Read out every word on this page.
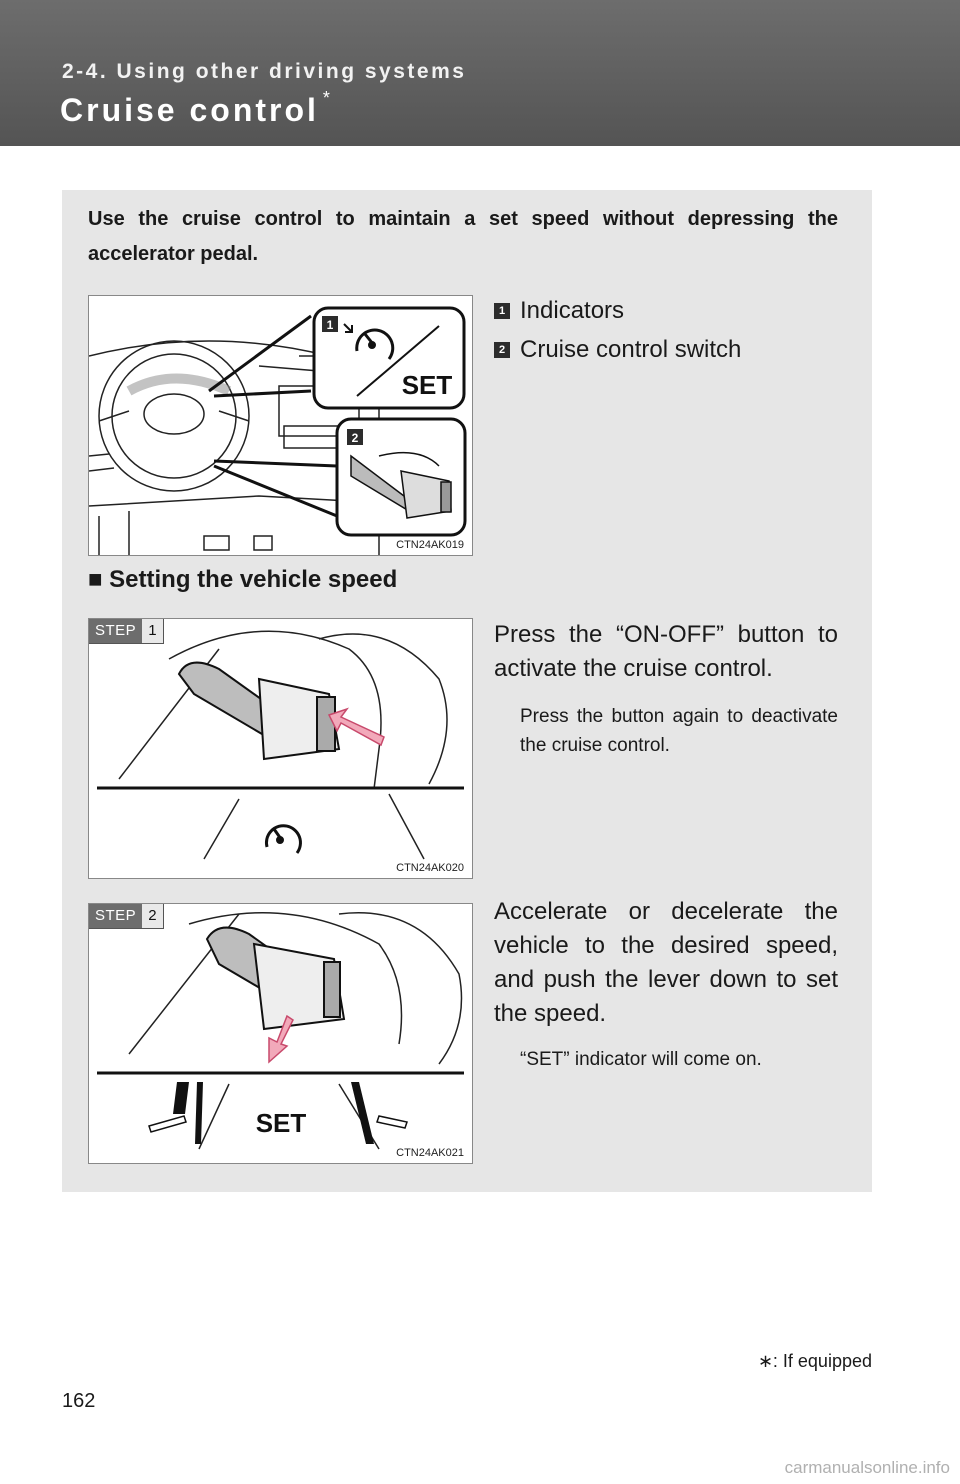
2-4. Using other driving systems
Cruise control *
Use the cruise control to maintain a set speed without depressing the accelerator pedal.
1
SET
2
CTN24AK019
1 Indicators
2 Cruise control switch
■ Setting the vehicle speed
STEP 1
CTN24AK020
Press the “ON-OFF” button to activate the cruise control.
Press the button again to deactivate the cruise control.
SET
STEP 2
CTN24AK021
Accelerate or decelerate the vehicle to the desired speed, and push the lever down to set the speed.
“SET” indicator will come on.
∗: If equipped
162
carmanualsonline.info
